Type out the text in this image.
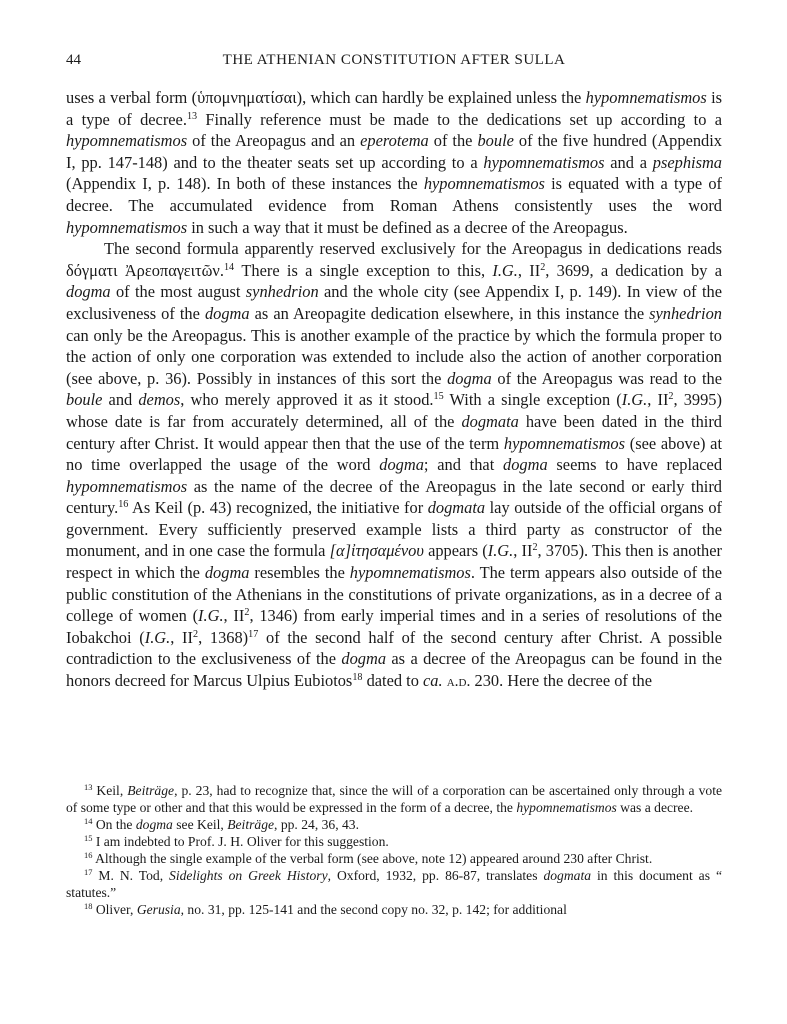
44	THE ATHENIAN CONSTITUTION AFTER SULLA

uses a verbal form (ὑπομνηματίσαι), which can hardly be explained unless the hypomnematismos is a type of decree.$^{13}$ Finally reference must be made to the dedications set up according to a hypomnematismos of the Areopagus and an eperotema of the boule of the five hundred (Appendix I, pp. 147-148) and to the theater seats set up according to a hypomnematismos and a psephisma (Appendix I, p. 148). In both of these instances the hypomnematismos is equated with a type of decree. The accumulated evidence from Roman Athens consistently uses the word hypomnematismos in such a way that it must be defined as a decree of the Areopagus.

The second formula apparently reserved exclusively for the Areopagus in dedications reads δόγματι Ἀρεοπαγειτῶν.$^{14}$ There is a single exception to this, I.G., $II^2$, 3699, a dedication by a dogma of the most august synhedrion and the whole city (see Appendix I, p. 149). In view of the exclusiveness of the dogma as an Areopagite dedication elsewhere, in this instance the synhedrion can only be the Areopagus. This is another example of the practice by which the formula proper to the action of only one corporation was extended to include also the action of another corporation (see above, p. 36). Possibly in instances of this sort the dogma of the Areopagus was read to the boule and demos, who merely approved it as it stood.$^{15}$ With a single exception (I.G., $II^2$, 3995) whose date is far from accurately determined, all of the dogmata have been dated in the third century after Christ. It would appear then that the use of the term hypomnematismos (see above) at no time overlapped the usage of the word dogma; and that dogma seems to have replaced hypomnematismos as the name of the decree of the Areopagus in the late second or early third century.$^{16}$ As Keil (p. 43) recognized, the initiative for dogmata lay outside of the official organs of government. Every sufficiently preserved example lists a third party as constructor of the monument, and in one case the formula [α]ἰτησαμένου appears (I.G., $II^2$, 3705). This then is another respect in which the dogma resembles the hypomnematismos. The term appears also outside of the public constitution of the Athenians in the constitutions of private organizations, as in a decree of a college of women (I.G., $II^2$, 1346) from early imperial times and in a series of resolutions of the Iobakchoi (I.G., $II^2$, 1368)$^{17}$ of the second half of the second century after Christ. A possible contradiction to the exclusiveness of the dogma as a decree of the Areopagus can be found in the honors decreed for Marcus Ulpius Eubiotos$^{18}$ dated to ca. a.d. 230. Here the decree of the

$^{13}$ Keil, Beiträge, p. 23, had to recognize that, since the will of a corporation can be ascertained only through a vote of some type or other and that this would be expressed in the form of a decree, the hypomnematismos was a decree.

$^{14}$ On the dogma see Keil, Beiträge, pp. 24, 36, 43.

$^{15}$ I am indebted to Prof. J. H. Oliver for this suggestion.

$^{16}$ Although the single example of the verbal form (see above, note 12) appeared around 230 after Christ.

$^{17}$ M. N. Tod, Sidelights on Greek History, Oxford, 1932, pp. 86-87, translates dogmata in this document as “ statutes.”

$^{18}$ Oliver, Gerusia, no. 31, pp. 125-141 and the second copy no. 32, p. 142; for additional
